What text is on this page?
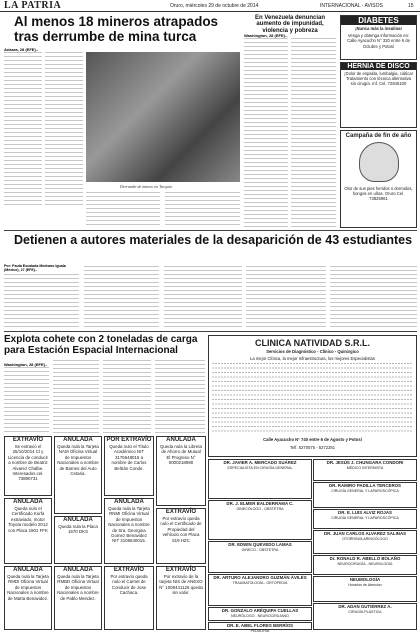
LA PATRIA	Oruro, miércoles 29 de octubre de 2014	INTERNACIONAL - AVISOS	15
Al menos 18 mineros atrapados tras derrumbe de mina turca
Ankara, 28 (EFE).-
Derrumbe de minero en Turquía
En Venezuela denuncian aumento de impunidad, violencia y pobreza
Washington, 28 (EFE).-
DIABETES
¡Nunca más la insulina!
Venga y obtenga información en: Calle Ayacucho N° 320 entre 6 de Octubre y Potosí
HERNIA DE DISCO
¡Dolor de espalda, lumbalgia, ciática! Tratamiento con técnica alternativa sin cirugía. Inf. Cel. 72845100
Campaña de fin de año
Olor de sus pies heridos o dormidos, hongos en uñas. Oruro Cel. 73825961
Detienen a autores materiales de la desaparición de 43 estudiantes
Por: Paula Escalada Medrano Iguala (México), 27 (EFE).-
Explota cohete con 2 toneladas de carga para Estación Espacial Internacional
Washington, 28 (EFE).-
CLINICA NATIVIDAD S.R.L.
Servicios de Diagnóstico - Clínico - Quirúrgico
La mejor Clínica, la mejor Infraestructura, los mejores Especialistas
Calle Ayacucho N° 740 entre 6 de Agosto y Potosí
Telf. 5270575 - 5272281
DR. JAVIER A. MERCADO SUÁREZ
ESPECIALISTA EN CIRUGÍA GENERAL
DR. J. ELMER BALDERRAMA C.
GINECÓLOGO - OBSTETRA
DR. EDWIN QUEVEDO LAMAS
GINECO - OBSTETRA
DR. ARTURO ALEJANDRO GUZMÁN ÁVILÉS
TRAUMATOLOGÍA - ORTOPEDIA
DR. GONZALO ARÉQUIPA CUELLAS
NEURÓLOGO - NEUROCIRUJANO
DR. E. ABEL FLORES BERRÍOS
PEDIATRÍA
DR. JESÚS J. CHUNGARA CONDORI
MÉDICO INTERNISTA
DR. RAMIRO PADILLA TERCEROS
CIRUGÍA GENERAL Y LAPAROSCÓPICA
DR. E. LUIS ALVIZ ROJAS
CIRUGÍA GENERAL Y LAPAROSCÓPICA
DR. JUAN CARLOS ALVAREZ SALINAS
OTORRINOLARINGÓLOGO
Dr. RONALD R. ABELLO BOLAÑO
NEUROCIRUGÍA - NEUROLOGÍA
NEUMOLOGÍA
Horarios de Atención
DR. ADAN GUTIÉRREZ A.
CIRUGÍA PLÁSTICA
EXTRAVÍO
Se extravió el 25/10/2014 Cl y Licencia de conducir a nombre de Beatriz Alvarez Chalbe. Interesados cel. 73890731
ANULADA
Queda nulo el Certificado Kurfa extraviado, motor Toyota modelo 2012 con Placa 1901 FFK
ANULADA
Queda nula la Tarjeta NAM Oficina Virtual de Impuestos Nacionales a nombre de Barnes del Auto Cetaria.
ANULADA
Queda nula la Placa 1570 DKS
POR EXTRAVÍO
Queda nulo el Título Académico NIT 3176648015 a nombre de Carlos Beltrán Conde.
ANULADA
Queda nula la Tarjeta RNMI Oficina Virtual de Impuestos Nacionales a nombre de Sra. Georgina Gomez Benavidez NIT 3106640015.
ANULADA
Queda nula la Libreta de Ahorro de Mutual El Progreso N° 0000218980
EXTRAVÍO
Por extravío queda nulo el Certificado de Propiedad del vehículo con Placa 619 HZC
ANULADA
Queda nula la Tarjeta RMDI Oficina Virtual de Impuestos Nacionales a nombre de Marta Benavidez.
ANULADA
Queda nula la Tarjeta RMBD Oficina Virtual de Impuestos Nacionales a nombre de Pablo Mendez.
EXTRAVÍO
Por extravío queda nulo el Carnet de Conducir de Jose Cachaca.
EXTRAVÍO
Por extravío de la tarjeta NIS de ANEXO N° 1008441126 queda sin valor.
